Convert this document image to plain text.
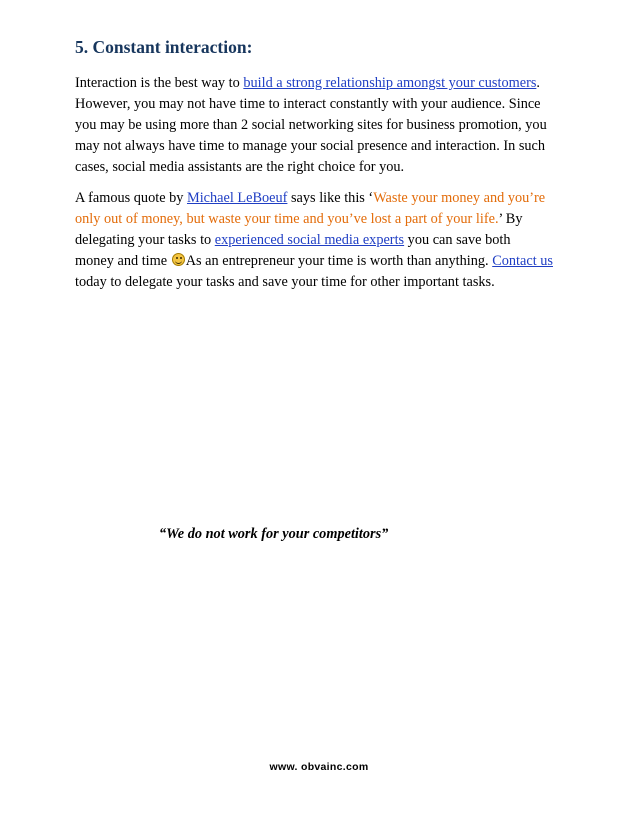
5. Constant interaction:

Interaction is the best way to build a strong relationship amongst your customers.
However, you may not have time to interact constantly with your audience. Since
you may be using more than 2 social networking sites for business promotion, you
may not always have time to manage your social presence and interaction. In such
cases, social media assistants are the right choice for you.

A famous quote by Michael LeBoeuf says like this ‘Waste your money and you’re
only out of money, but waste your time and you’ve lost a part of your life.’ By
delegating your tasks to experienced social media experts you can save both
money and time As an entrepreneur your time is worth than anything. Contact us
today to delegate your tasks and save your time for other important tasks.

“We do not work for your competitors”

www. obvainc.com
